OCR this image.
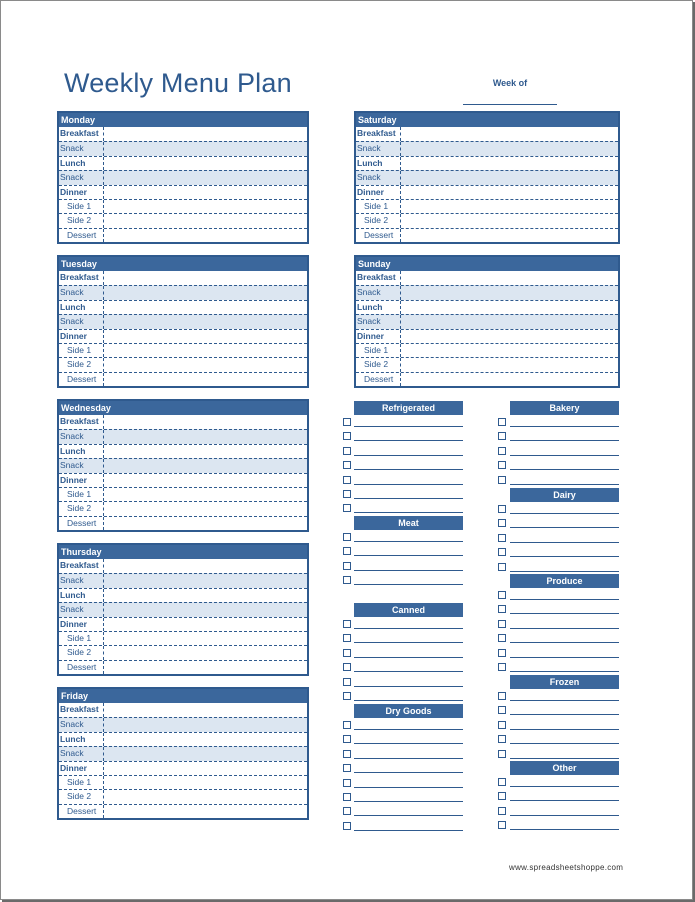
Weekly Menu Plan	Week of
Monday
Breakfast
Snack
Lunch
Snack
Dinner
Side 1
Side 2
Dessert
Tuesday
Breakfast
Snack
Lunch
Snack
Dinner
Side 1
Side 2
Dessert
Wednesday
Breakfast
Snack
Lunch
Snack
Dinner
Side 1
Side 2
Dessert
Thursday
Breakfast
Snack
Lunch
Snack
Dinner
Side 1
Side 2
Dessert
Friday
Breakfast
Snack
Lunch
Snack
Dinner
Side 1
Side 2
Dessert
Saturday
Breakfast
Snack
Lunch
Snack
Dinner
Side 1
Side 2
Dessert
Sunday
Breakfast
Snack
Lunch
Snack
Dinner
Side 1
Side 2
Dessert
Refrigerated
Meat
Canned
Dry Goods
Bakery
Dairy
Produce
Frozen
Other
www.spreadsheetshoppe.com
